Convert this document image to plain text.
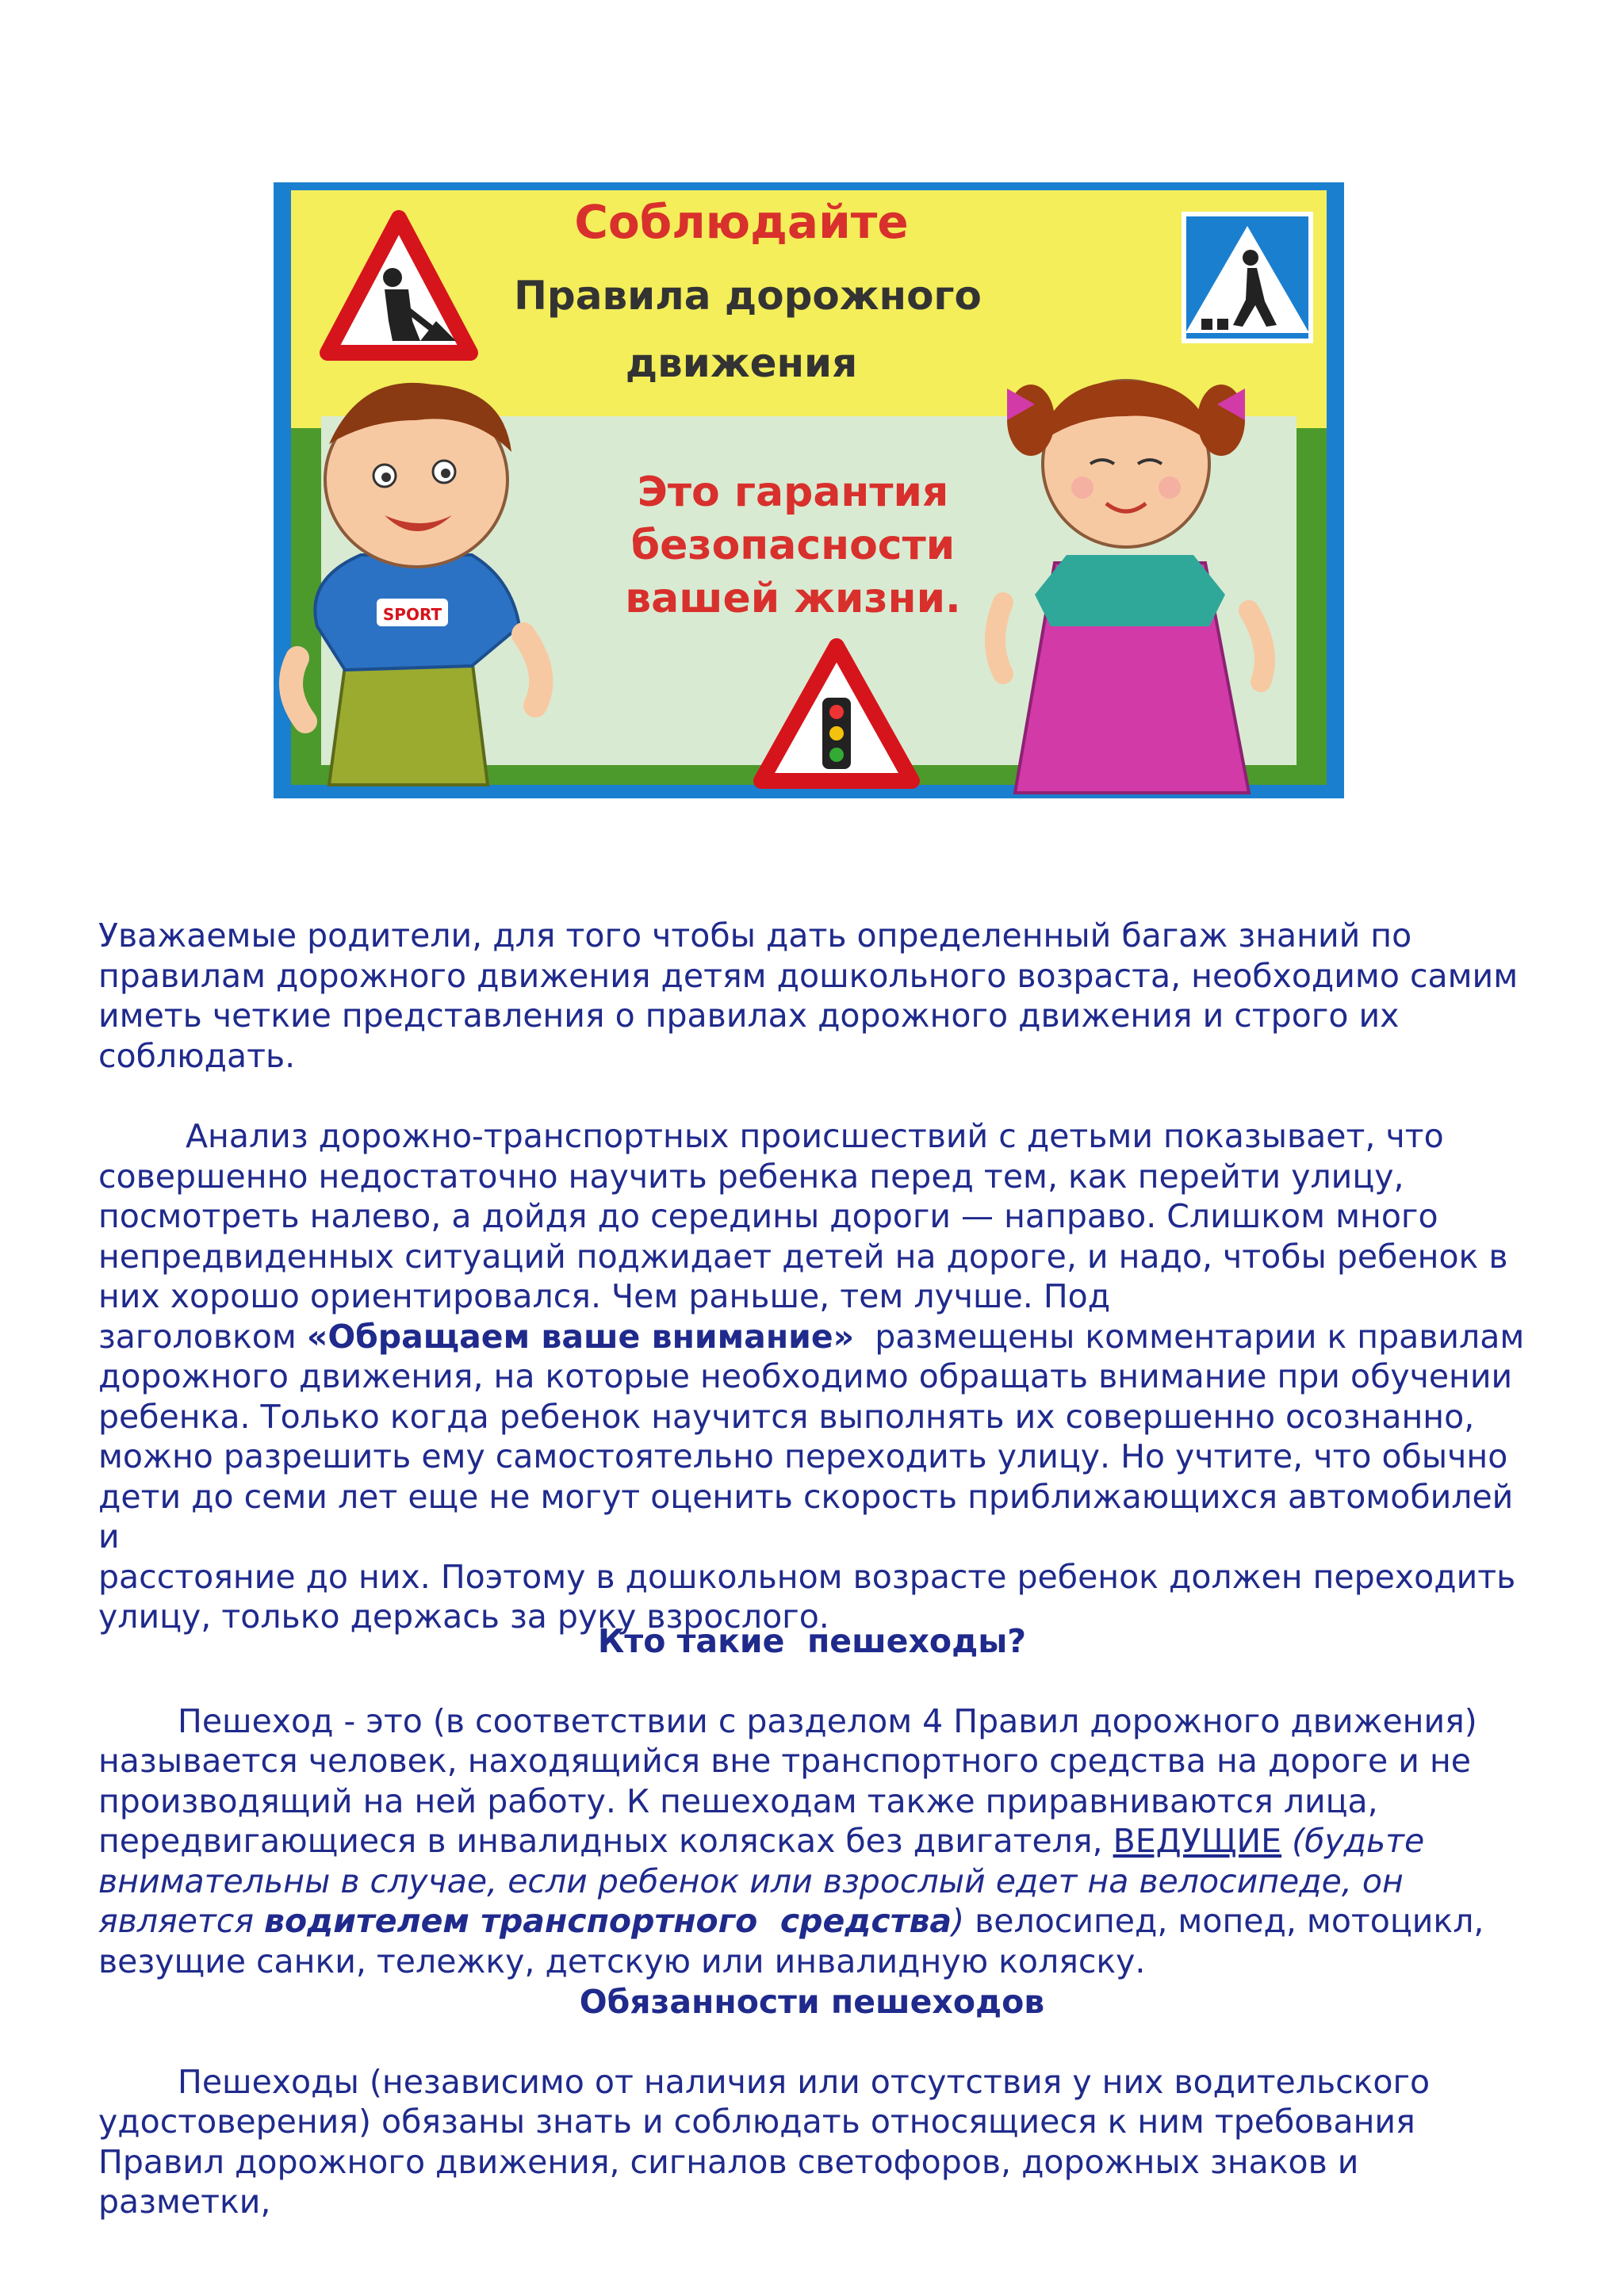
Соблюдайте
Правила дорожного
движения
Это гарантия
безопасности
вашей жизни.
SPORT

Уважаемые родители, для того чтобы дать определенный багаж знаний по
правилам дорожного движения детям дошкольного возраста, необходимо самим
иметь четкие представления о правилах дорожного движения и строго их
соблюдать.

Анализ дорожно-транспортных происшествий с детьми показывает, что
совершенно недостаточно научить ребенка перед тем, как перейти улицу,
посмотреть налево, а дойдя до середины дороги — направо. Слишком много
непредвиденных ситуаций поджидает детей на дороге, и надо, чтобы ребенок в
них хорошо ориентировался. Чем раньше, тем лучше. Под
заголовком «Обращаем ваше внимание»  размещены комментарии к правилам
дорожного движения, на которые необходимо обращать внимание при обучении
ребенка. Только когда ребенок научится выполнять их совершенно осознанно,
можно разрешить ему самостоятельно переходить улицу. Но учтите, что обычно
дети до семи лет еще не могут оценить скорость приближающихся автомобилей и
расстояние до них. Поэтому в дошкольном возрасте ребенок должен переходить
улицу, только держась за руку взрослого.

Кто такие  пешеходы?

Пешеход - это (в соответствии с разделом 4 Правил дорожного движения)
называется человек, находящийся вне транспортного средства на дороге и не
производящий на ней работу. К пешеходам также приравниваются лица,
передвигающиеся в инвалидных колясках без двигателя, ВЕДУЩИЕ (будьте
внимательны в случае, если ребенок или взрослый едет на велосипеде, он
является водителем транспортного  средства) велосипед, мопед, мотоцикл,
везущие санки, тележку, детскую или инвалидную коляску.

Обязанности пешеходов

Пешеходы (независимо от наличия или отсутствия у них водительского
удостоверения) обязаны знать и соблюдать относящиеся к ним требования
Правил дорожного движения, сигналов светофоров, дорожных знаков и разметки,
